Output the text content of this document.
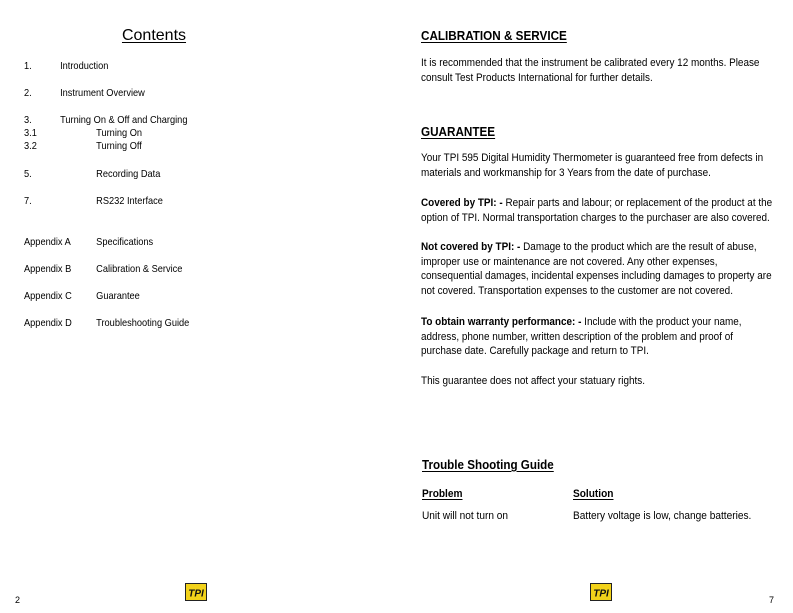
Contents
1.	Introduction
2.	Instrument Overview
3.	Turning On & Off and Charging
3.1	Turning On
3.2	Turning Off
5.	Recording Data
7.	RS232 Interface
Appendix A Specifications
Appendix B Calibration & Service
Appendix C Guarantee
Appendix D Troubleshooting Guide
TPI
2
CALIBRATION & SERVICE
It is recommended that the instrument be calibrated every 12 months. Please consult Test Products International for further details.
GUARANTEE
Your TPI 595 Digital Humidity Thermometer is guaranteed free from defects in materials and workmanship for 3 Years from the date of purchase.
Covered by TPI: - Repair parts and labour; or replacement of the product at the option of TPI. Normal transportation charges to the purchaser are also covered.
Not covered by TPI: - Damage to the product which are the result of abuse, improper use or maintenance are not covered. Any other expenses, consequential damages, incidental expenses including damages to property are not covered. Transportation expenses to the customer are not covered.
To obtain warranty performance: - Include with the product your name, address, phone number, written description of the problem and proof of purchase date. Carefully package and return to TPI.
This guarantee does not affect your statuary rights.
Trouble Shooting Guide
Problem	Solution
Unit will not turn on	Battery voltage is low, change batteries.
TPI
7
